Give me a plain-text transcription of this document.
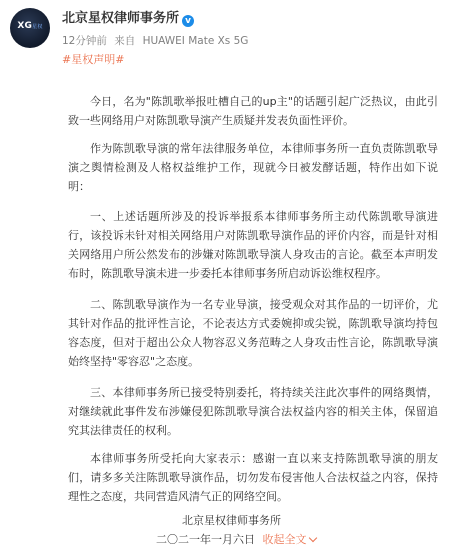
XG星权
北京星权律师事务所 v
12分钟前 来自 HUAWEI Mate Xs 5G
#星权声明#

今日，名为"陈凯歌举报吐槽自己的up主"的话题引起广泛热议，由此引致一些网络用户对陈凯歌导演产生质疑并发表负面性评价。

作为陈凯歌导演的常年法律服务单位，本律师事务所一直负责陈凯歌导演之舆情检测及人格权益维护工作，现就今日被发酵话题，特作出如下说明：

一、上述话题所涉及的投诉举报系本律师事务所主动代陈凯歌导演进行，该投诉未针对相关网络用户对陈凯歌导演作品的评价内容，而是针对相关网络用户所公然发布的涉嫌对陈凯歌导演人身攻击的言论。截至本声明发布时，陈凯歌导演未进一步委托本律师事务所启动诉讼维权程序。

二、陈凯歌导演作为一名专业导演，接受观众对其作品的一切评价，尤其针对作品的批评性言论，不论表达方式委婉抑或尖锐，陈凯歌导演均持包容态度，但对于超出公众人物容忍义务范畴之人身攻击性言论，陈凯歌导演始终坚持"零容忍"之态度。

三、本律师事务所已接受特别委托，将持续关注此次事件的网络舆情，对继续就此事件发布涉嫌侵犯陈凯歌导演合法权益内容的相关主体，保留追究其法律责任的权利。

本律师事务所受托向大家表示：感谢一直以来支持陈凯歌导演的朋友们，请多多关注陈凯歌导演作品，切勿发布侵害他人合法权益之内容，保持理性之态度，共同营造风清气正的网络空间。

北京星权律师事务所
二〇二一年一月六日 收起全文
